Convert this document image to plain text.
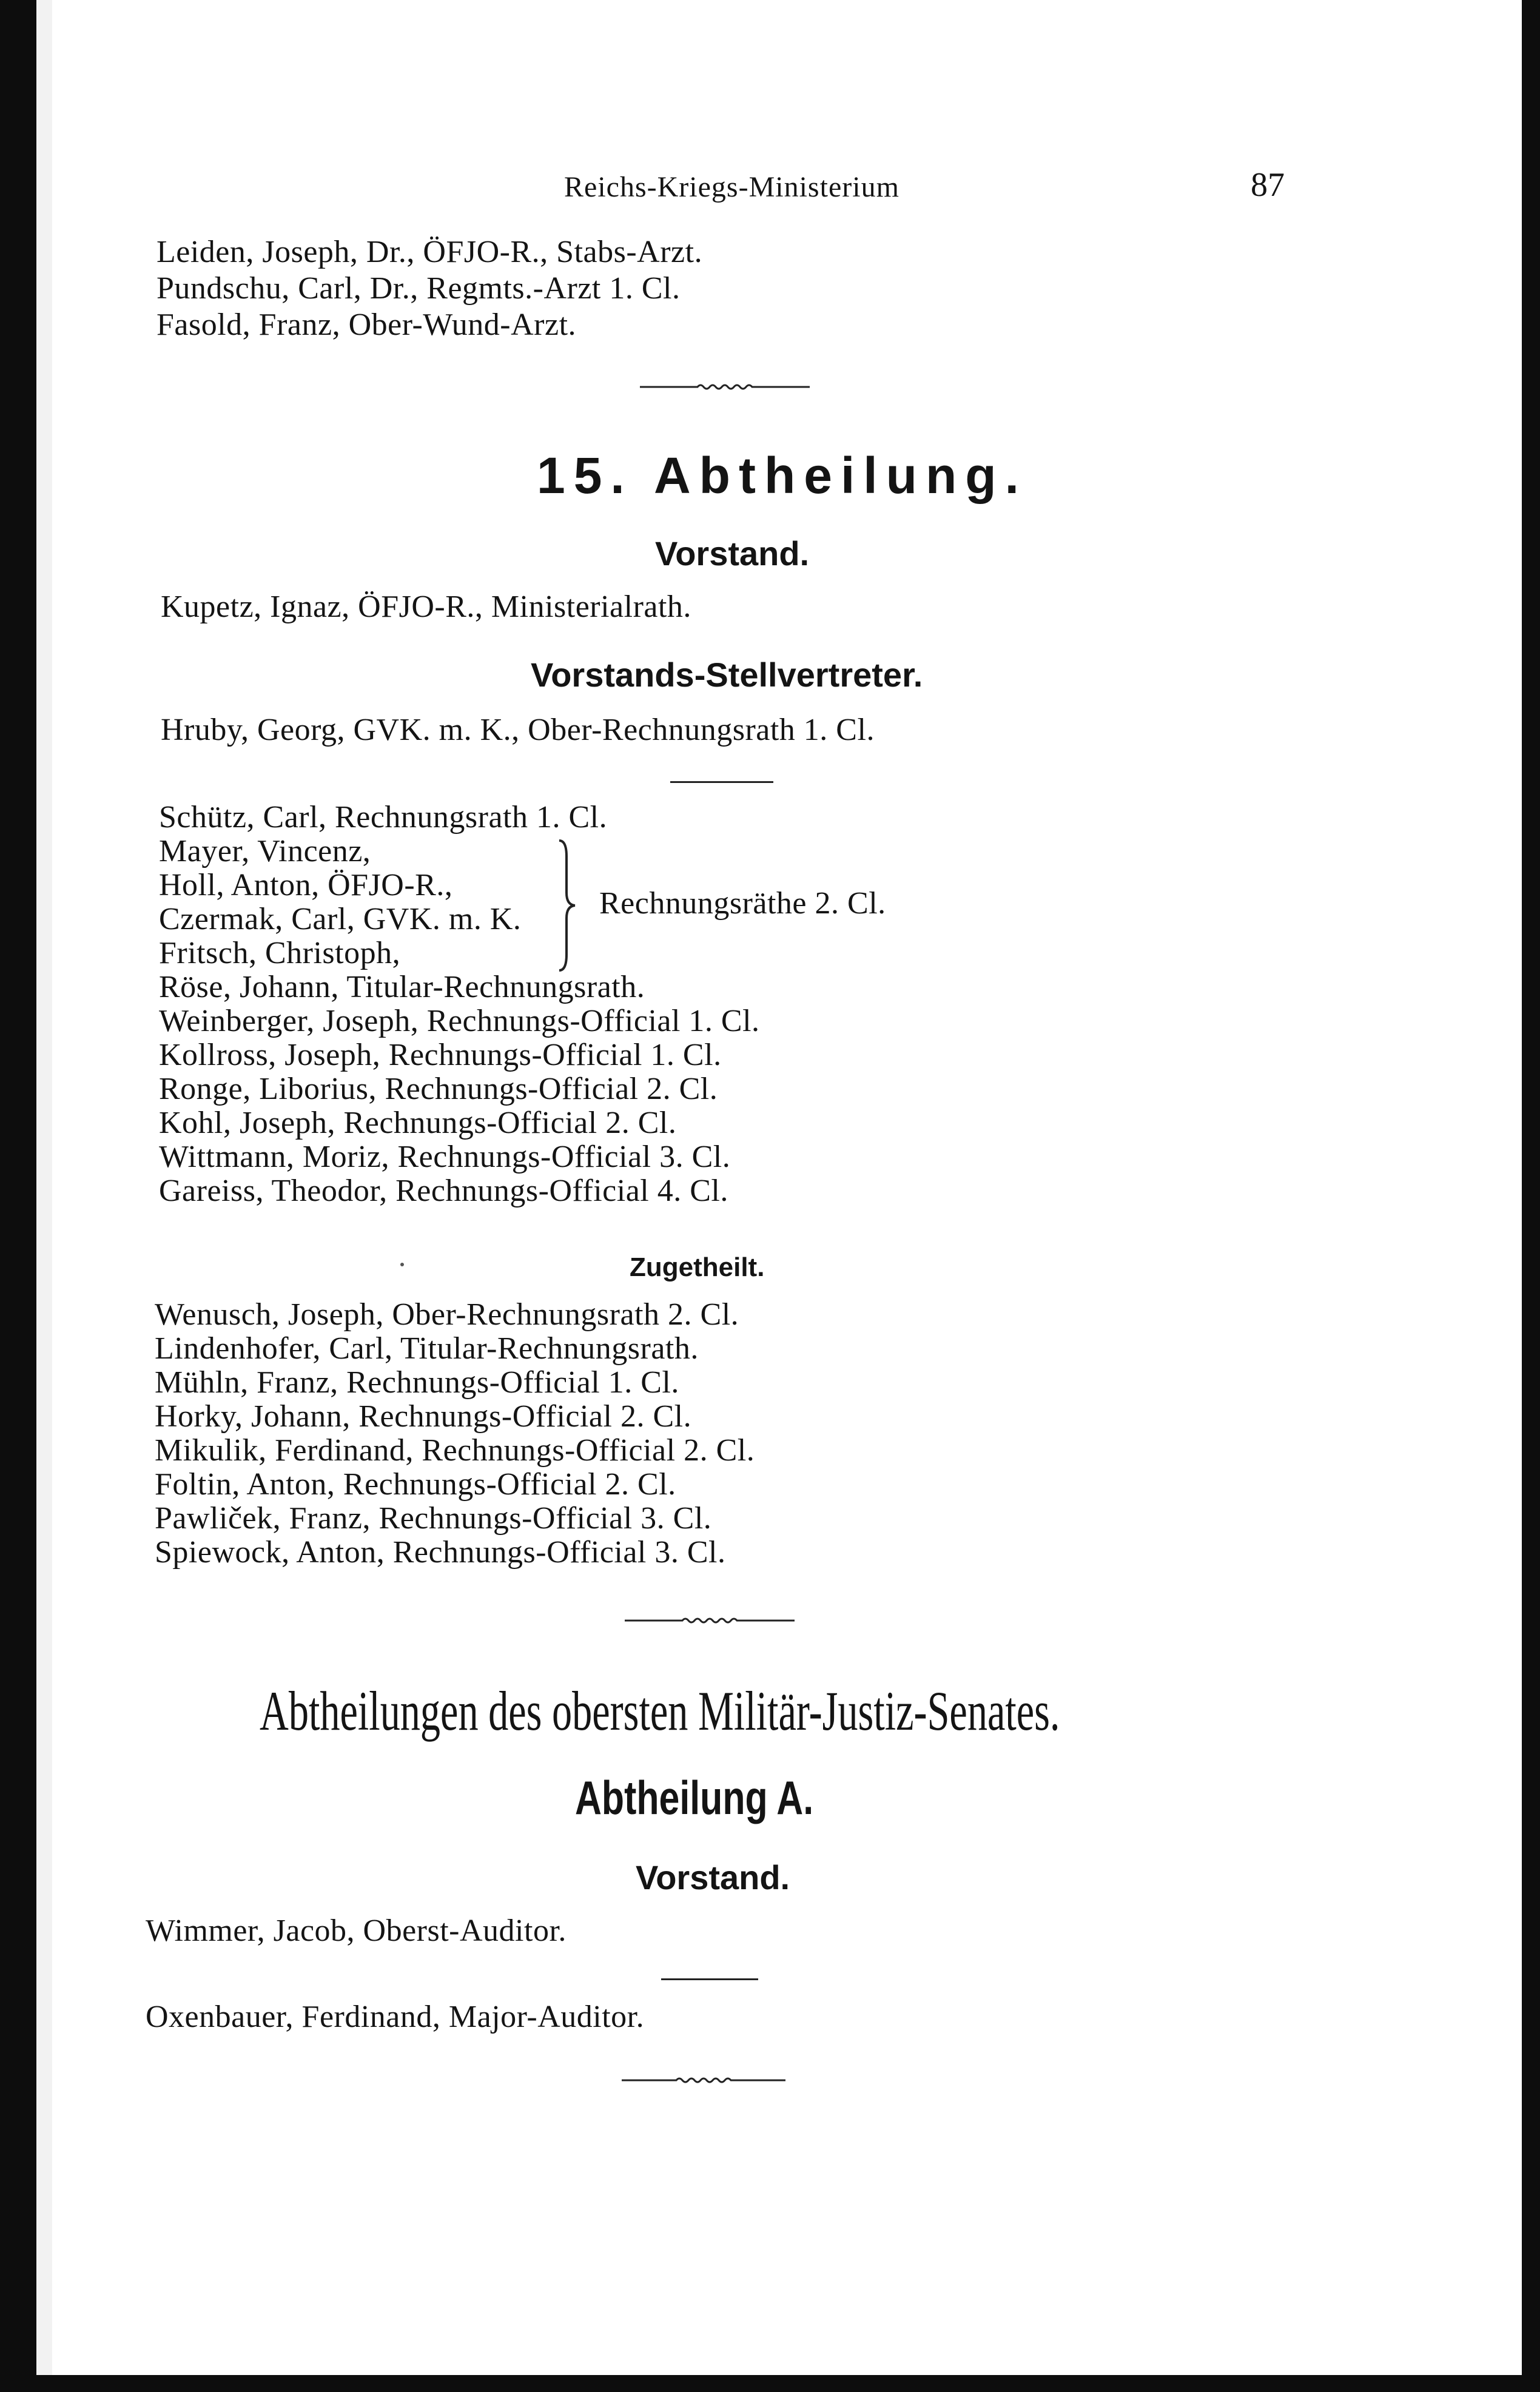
Reichs-Kriegs-Ministerium	87
Leiden, Joseph, Dr., ÖFJO-R., Stabs-Arzt.
Pundschu, Carl, Dr., Regmts.-Arzt 1. Cl.
Fasold, Franz, Ober-Wund-Arzt.
15. Abtheilung.
Vorstand.
Kupetz, Ignaz, ÖFJO-R., Ministerialrath.
Vorstands-Stellvertreter.
Hruby, Georg, GVK. m. K., Ober-Rechnungsrath 1. Cl.
Schütz, Carl, Rechnungsrath 1. Cl.
Mayer, Vincenz,
Holl, Anton, ÖFJO-R.,
Czermak, Carl, GVK. m. K.
Fritsch, Christoph,
Rechnungsräthe 2. Cl.
Röse, Johann, Titular-Rechnungsrath.
Weinberger, Joseph, Rechnungs-Official 1. Cl.
Kollross, Joseph, Rechnungs-Official 1. Cl.
Ronge, Liborius, Rechnungs-Official 2. Cl.
Kohl, Joseph, Rechnungs-Official 2. Cl.
Wittmann, Moriz, Rechnungs-Official 3. Cl.
Gareiss, Theodor, Rechnungs-Official 4. Cl.
Zugetheilt.
Wenusch, Joseph, Ober-Rechnungsrath 2. Cl.
Lindenhofer, Carl, Titular-Rechnungsrath.
Mühln, Franz, Rechnungs-Official 1. Cl.
Horky, Johann, Rechnungs-Official 2. Cl.
Mikulik, Ferdinand, Rechnungs-Official 2. Cl.
Foltin, Anton, Rechnungs-Official 2. Cl.
Pawliček, Franz, Rechnungs-Official 3. Cl.
Spiewock, Anton, Rechnungs-Official 3. Cl.
Abtheilungen des obersten Militär-Justiz-Senates.
Abtheilung A.
Vorstand.
Wimmer, Jacob, Oberst-Auditor.
Oxenbauer, Ferdinand, Major-Auditor.
